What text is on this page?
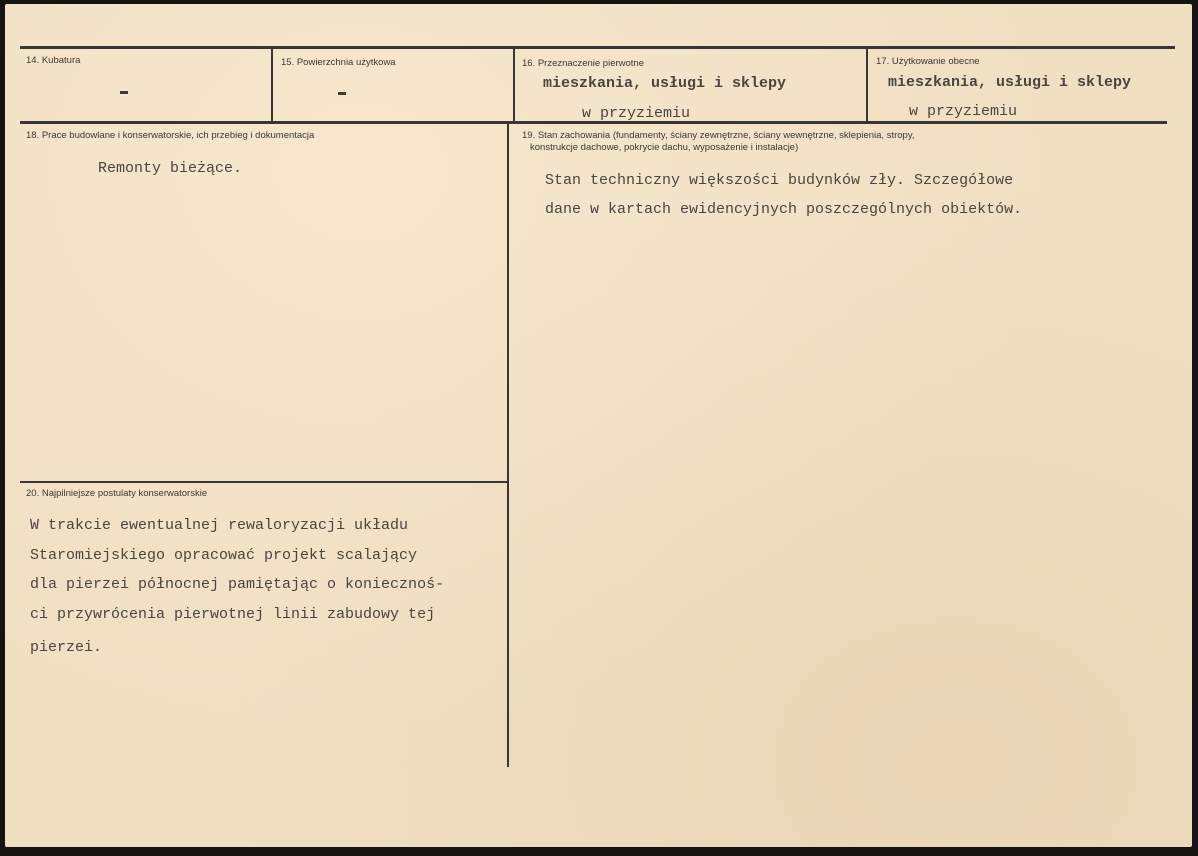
14. Kubatura	15. Powierzchnia użytkowa	16. Przeznaczenie pierwotne
mieszkania, usługi i sklepy
w przyziemiu
17. Użytkowanie obecne
mieszkania, usługi i sklepy
w przyziemiu
18. Prace budowlane i konserwatorskie, ich przebieg i dokumentacja
Remonty bieżące.
19. Stan zachowania (fundamenty, ściany zewnętrzne, ściany wewnętrzne, sklepienia, stropy,
konstrukcje dachowe, pokrycie dachu, wyposażenie i instalacje)
Stan techniczny większości budynków zły. Szczegółowe
dane w kartach ewidencyjnych poszczególnych obiektów.
20. Najpilniejsze postulaty konserwatorskie
W trakcie ewentualnej rewaloryzacji układu
Staromiejskiego opracować projekt scalający
dla pierzei północnej pamiętając o koniecznoś-
ci przywrócenia pierwotnej linii zabudowy tej
pierzei.
